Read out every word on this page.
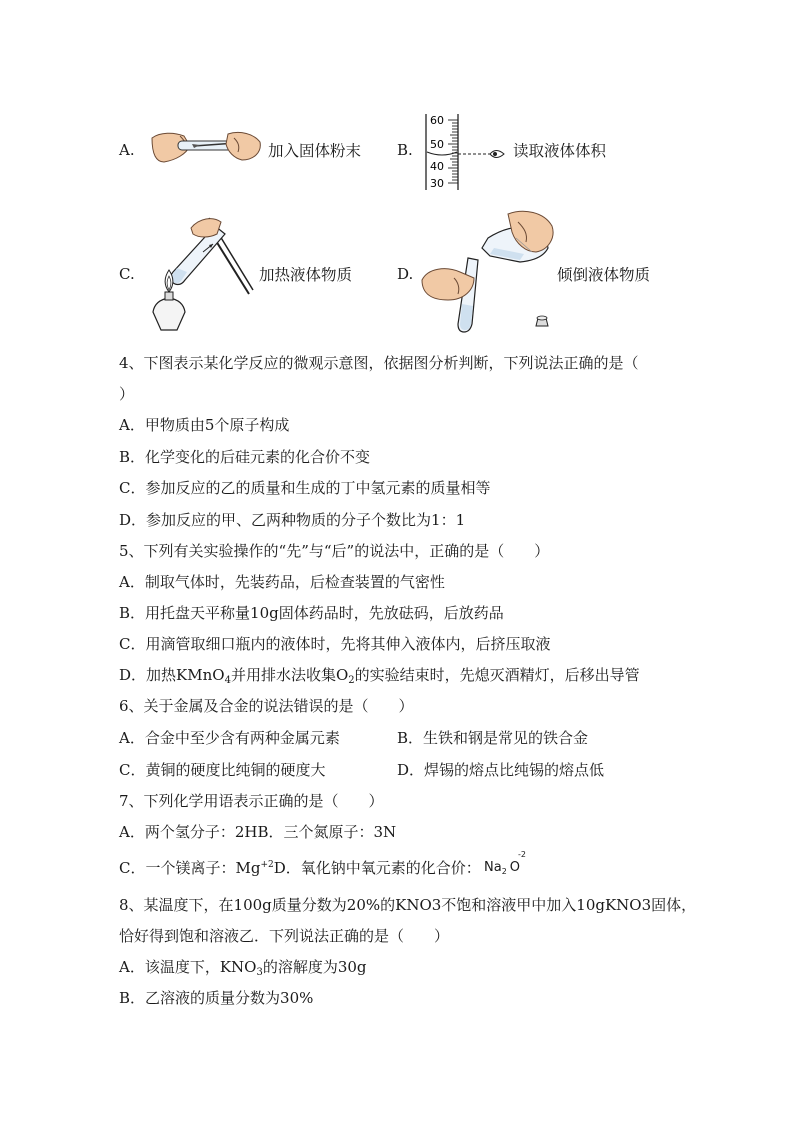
A.	加入固体粉末 B.
60
50
40
30
读取液体体积
C.	加热液体物质	D.	倾倒液体物质
4、下图表示某化学反应的微观示意图，依据图分析判断，下列说法正确的是（
）
A．甲物质由5个原子构成
B．化学变化的后硅元素的化合价不变
C．参加反应的乙的质量和生成的丁中氢元素的质量相等
D．参加反应的甲、乙两种物质的分子个数比为1：1
5、下列有关实验操作的“先”与“后”的说法中，正确的是（　　）
A．制取气体时，先装药品，后检查装置的气密性
B．用托盘天平称量10g固体药品时，先放砝码，后放药品
C．用滴管取细口瓶内的液体时，先将其伸入液体内，后挤压取液
D．加热KMnO$_4$并用排水法收集$O_2$的实验结束时，先熄灭酒精灯，后移出导管
6、关于金属及合金的说法错误的是（　　）
A．合金中至少含有两种金属元素	B．生铁和钢是常见的铁合金
C．黄铜的硬度比纯铜的硬度大	D．焊锡的熔点比纯锡的熔点低
7、下列化学用语表示正确的是（　　）
A．两个氢分子：2HB．三个氮原子：3N
C．一个镁离子：$Mg^{+2}D$．氧化钠中氧元素的化合价：
-2
$Na_2$ O
8、某温度下，在100g质量分数为20%的KNO3不饱和溶液甲中加入10gKNO3固体，
恰好得到饱和溶液乙．下列说法正确的是（　　）
A．该温度下，$KNO_3$的溶解度为30g
B．乙溶液的质量分数为30%
